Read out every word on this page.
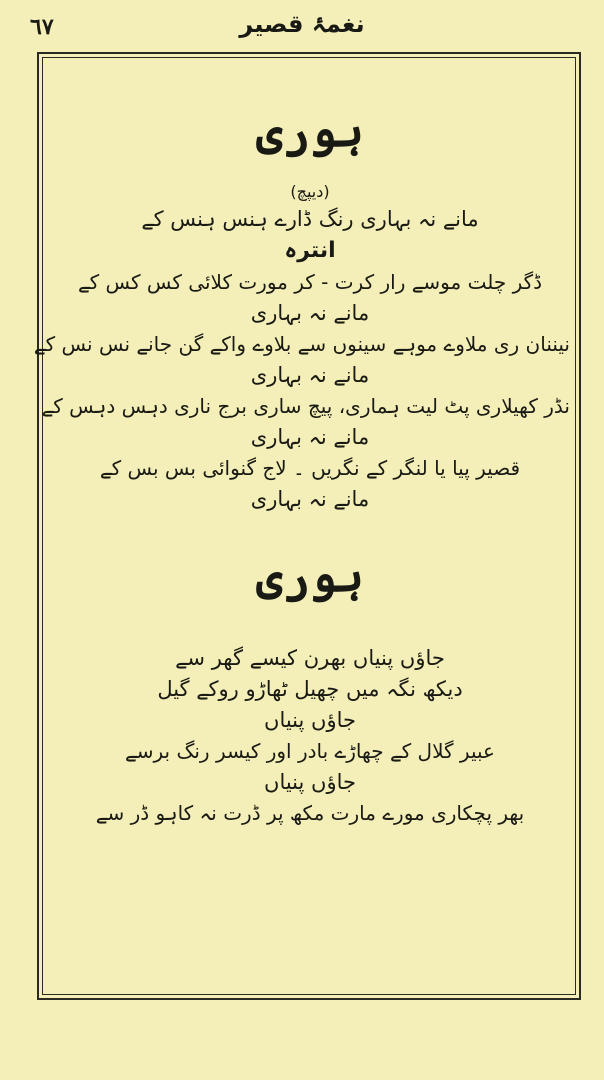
٦٧	نغمۂ قصیر
ہوری
(دیپچ)
مانے نہ بہاری رنگ ڈارے ہنس ہنس کے
انترہ
ڈگر چلت موسے رار کرت - کر مورت کلائی کس کس کے
مانے نہ بہاری
نیننان ری ملاوے موہے سینوں سے بلاوے واکے گن جانے نس نس کے
مانے نہ بہاری
نڈر کھیلاری پٹ لیت ہماری، پیچ ساری برج ناری دہس دہس کے
مانے نہ بہاری
قصیر پیا یا لنگر کے نگریں ۔ لاج گنوائی بس بس کے
مانے نہ بہاری
ہوری
جاؤں پنیاں بھرن کیسے گھر سے
دیکھ نگہ میں چھیل ٹھاڑو روکے گیل
جاؤں پنیاں
عبیر گلال کے چھاڑے بادر اور کیسر رنگ برسے
جاؤں پنیاں
بھر پچکاری مورے مارت مکھ پر ڈرت نہ کاہو ڈر سے
